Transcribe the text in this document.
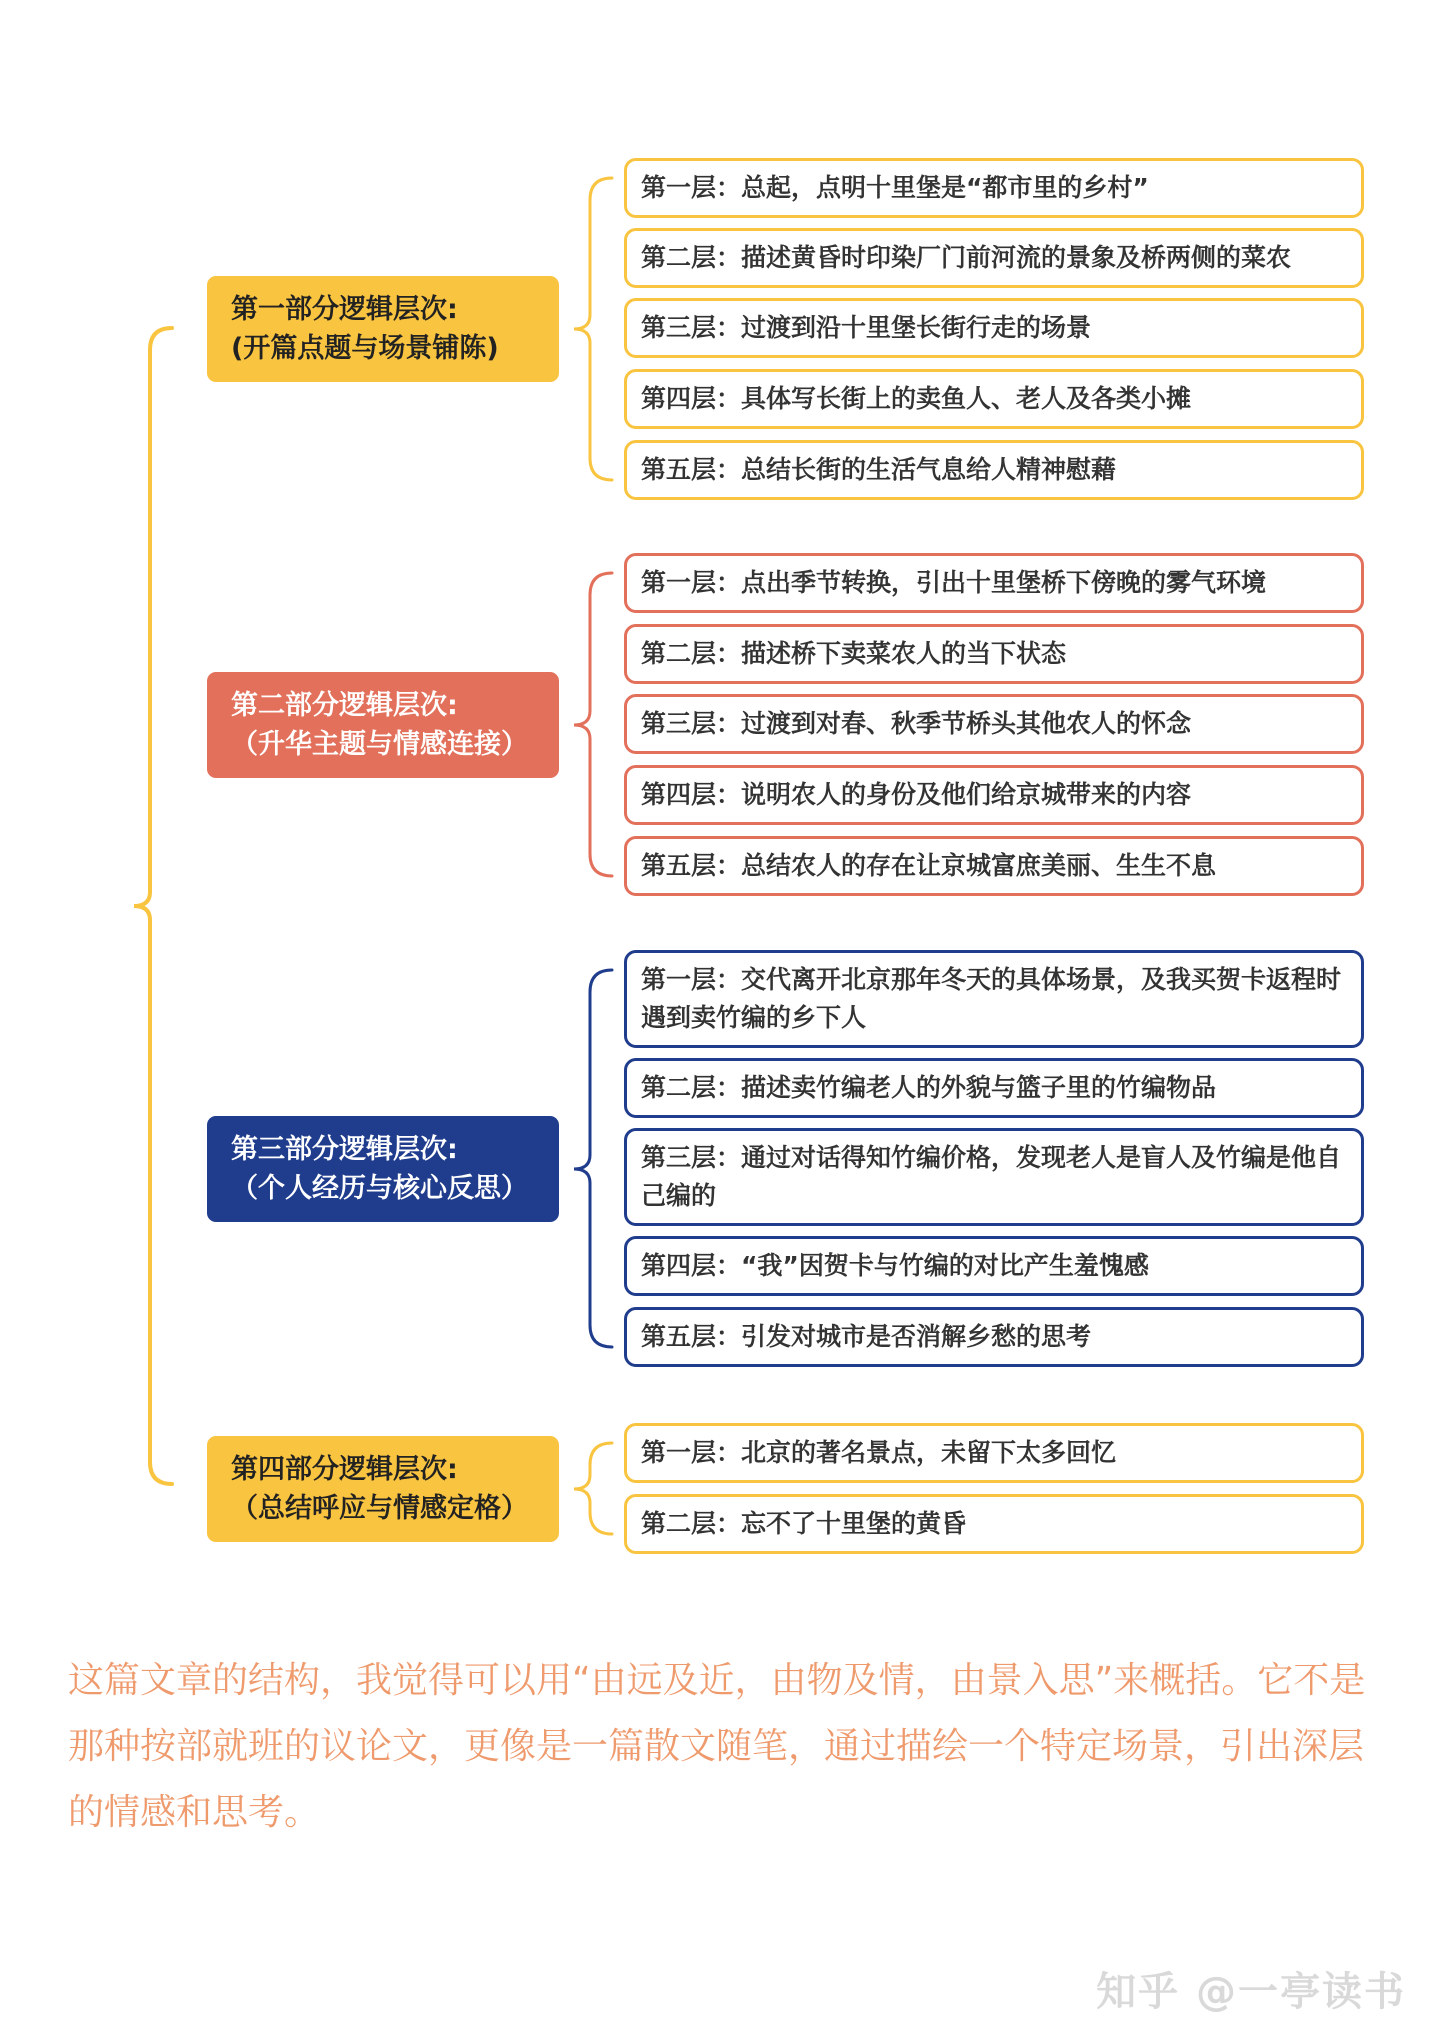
第一部分逻辑层次:
(开篇点题与场景铺陈)
第一层：总起，点明十里堡是“都市里的乡村”
第二层：描述黄昏时印染厂门前河流的景象及桥两侧的菜农
第三层：过渡到沿十里堡长街行走的场景
第四层：具体写长街上的卖鱼人、老人及各类小摊
第五层：总结长街的生活气息给人精神慰藉
第二部分逻辑层次:
（升华主题与情感连接）
第一层：点出季节转换，引出十里堡桥下傍晚的雾气环境
第二层：描述桥下卖菜农人的当下状态
第三层：过渡到对春、秋季节桥头其他农人的怀念
第四层：说明农人的身份及他们给京城带来的内容
第五层：总结农人的存在让京城富庶美丽、生生不息
第三部分逻辑层次:
（个人经历与核心反思）
第一层：交代离开北京那年冬天的具体场景，及我买贺卡返程时遇到卖竹编的乡下人
第二层：描述卖竹编老人的外貌与篮子里的竹编物品
第三层：通过对话得知竹编价格，发现老人是盲人及竹编是他自己编的
第四层：“我”因贺卡与竹编的对比产生羞愧感
第五层：引发对城市是否消解乡愁的思考
第四部分逻辑层次:
（总结呼应与情感定格）
第一层：北京的著名景点，未留下太多回忆
第二层：忘不了十里堡的黄昏

这篇文章的结构，我觉得可以用“由远及近，由物及情，由景入思”来概括。它不是那种按部就班的议论文，更像是一篇散文随笔，通过描绘一个特定场景，引出深层的情感和思考。

知乎 @一亭读书
